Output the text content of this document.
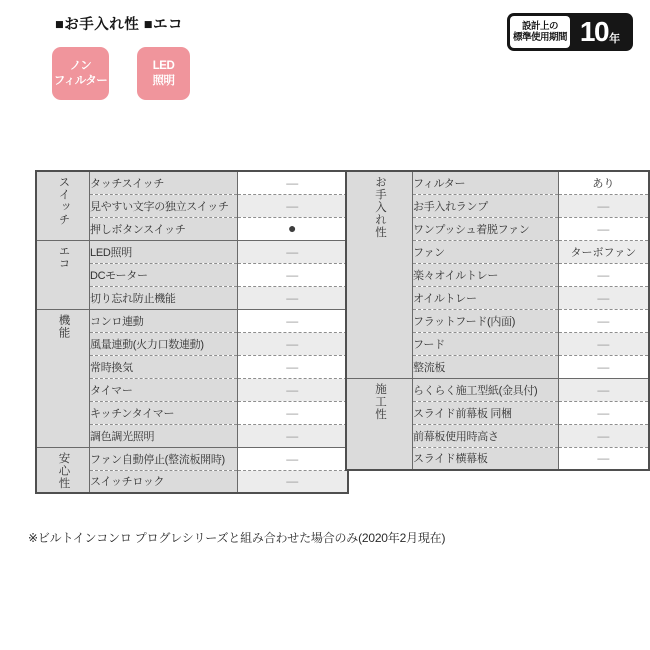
■お手入れ性 ■エコ
ノン
フィルター
LED
照明
設計上の
標準使用期間 10 年
スイッチ	タッチスイッチ	—
	見やすい文字の独立スイッチ	—
	押しボタンスイッチ	●
エコ	LED照明	—
	DCモーター	—
	切り忘れ防止機能	—
機能	コンロ連動	—
	風量連動(火力口数連動)	—
	常時換気	—
	タイマー	—
	キッチンタイマー	—
	調色調光照明	—
安心性	ファン自動停止(整流板開時)	—
	スイッチロック	—
お手入れ性	フィルター	あり
	お手入れランプ	—
	ワンプッシュ着脱ファン	—
	ファン	ターボファン
	楽々オイルトレー	—
	オイルトレー	—
	フラットフード(内面)	—
	フード	—
	整流板	—
施工性	らくらく施工型紙(金具付)	—
	スライド前幕板 同梱	—
	前幕板使用時高さ	—
	スライド横幕板	—
※ビルトインコンロ プログレシリーズと組み合わせた場合のみ(2020年2月現在)
